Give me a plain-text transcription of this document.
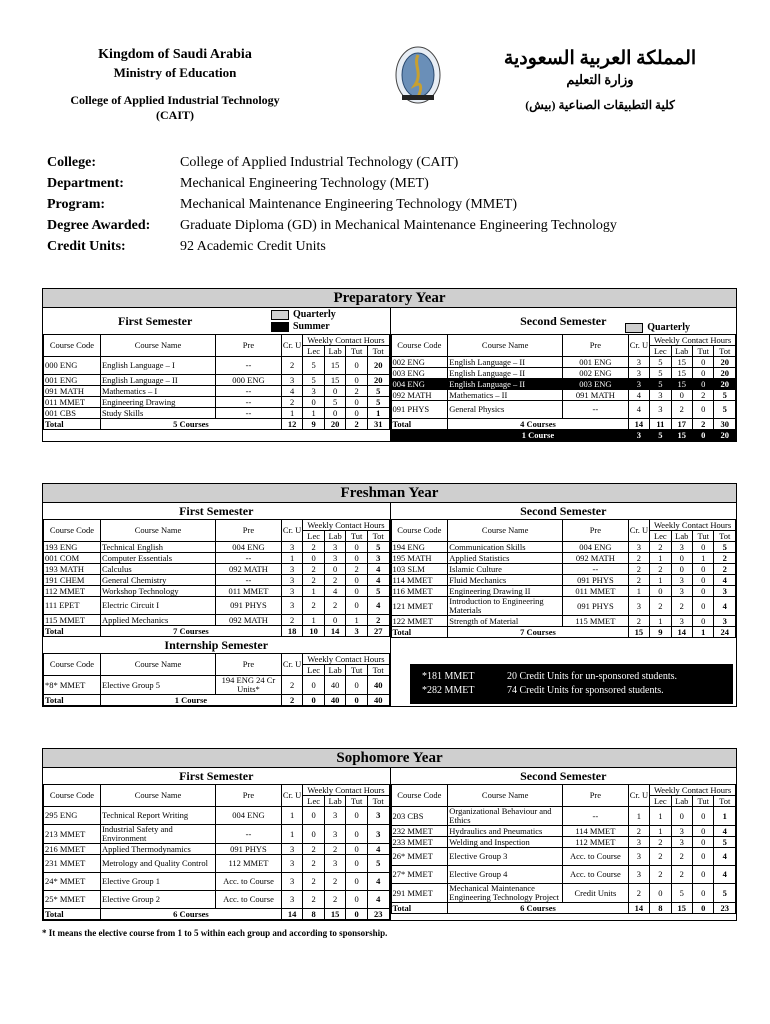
Kingdom of Saudi Arabia
Ministry of Education
College of Applied Industrial Technology
(CAIT)
المملكة العربية السعودية
وزارة التعليم
كلية التطبيقات الصناعية (بيش)
College:	College of Applied Industrial Technology (CAIT)
Department:	Mechanical Engineering Technology (MET)
Program:	Mechanical Maintenance Engineering Technology (MMET)
Degree Awarded:	Graduate Diploma (GD) in Mechanical Maintenance Engineering Technology
Credit Units:	92 Academic Credit Units
Preparatory Year
First Semester	Quarterly
Summer
Course Code	Course Name	Pre	Cr. U	Weekly Contact Hours			
				Lec	Lab	Tut	Tot
000 ENG	English Language – I	--	2	5	15	0	20
001 ENG	English Language – II	000 ENG	3	5	15	0	20
091 MATH	Mathematics – I	--	4	3	0	2	5
011 MMET	Engineering Drawing	--	2	0	5	0	5
001 CBS	Study Skills	--	1	1	0	0	1
Total	5 Courses		12	9	20	2	31
Second Semester	Quarterly
Course Code	Course Name	Pre	Cr. U	Weekly Contact Hours			
				Lec	Lab	Tut	Tot
002 ENG	English Language – II	001 ENG	3	5	15	0	20
003 ENG	English Language – II	002 ENG	3	5	15	0	20
004 ENG	English Language – II	003 ENG	3	5	15	0	20
092 MATH	Mathematics – II	091 MATH	4	3	0	2	5
091 PHYS	General Physics	--	4	3	2	0	5
Total	4 Courses		14	11	17	2	30
	1 Course		3	5	15	0	20
Freshman Year
First Semester
Course Code	Course Name	Pre	Cr. U	Weekly Contact Hours			
				Lec	Lab	Tut	Tot
193 ENG	Technical English	004 ENG	3	2	3	0	5
001 COM	Computer Essentials	--	1	0	3	0	3
193 MATH	Calculus	092 MATH	3	2	0	2	4
191 CHEM	General Chemistry	--	3	2	2	0	4
112 MMET	Workshop Technology	011 MMET	3	1	4	0	5
111 EPET	Electric Circuit I	091 PHYS	3	2	2	0	4
115 MMET	Applied Mechanics	092 MATH	2	1	0	1	2
Total	7 Courses		18	10	14	3	27
Internship Semester
Course Code	Course Name	Pre	Cr. U	Weekly Contact Hours			
				Lec	Lab	Tut	Tot
*8* MMET	Elective Group 5	194 ENG 24 Cr Units*	2	0	40	0	40
Total	1 Course		2	0	40	0	40
Second Semester
Course Code	Course Name	Pre	Cr. U	Weekly Contact Hours			
				Lec	Lab	Tut	Tot
194 ENG	Communication Skills	004 ENG	3	2	3	0	5
195 MATH	Applied Statistics	092 MATH	2	1	0	1	2
103 SLM	Islamic Culture	--	2	2	0	0	2
114 MMET	Fluid Mechanics	091 PHYS	2	1	3	0	4
116 MMET	Engineering Drawing II	011 MMET	1	0	3	0	3
121 MMET	Introduction to Engineering Materials	091 PHYS	3	2	2	0	4
122 MMET	Strength of Material	115 MMET	2	1	3	0	3
Total	7 Courses		15	9	14	1	24
*181 MMET	20 Credit Units for un-sponsored students.
*282 MMET	74 Credit Units for sponsored students.
Sophomore Year
First Semester
Course Code	Course Name	Pre	Cr. U	Weekly Contact Hours			
				Lec	Lab	Tut	Tot
295 ENG	Technical Report Writing	004 ENG	1	0	3	0	3
213 MMET	Industrial Safety and Environment	--	1	0	3	0	3
216 MMET	Applied Thermodynamics	091 PHYS	3	2	2	0	4
231 MMET	Metrology and Quality Control	112 MMET	3	2	3	0	5
24* MMET	Elective Group 1	Acc. to Course	3	2	2	0	4
25* MMET	Elective Group 2	Acc. to Course	3	2	2	0	4
Total	6 Courses		14	8	15	0	23
Second Semester
Course Code	Course Name	Pre	Cr. U	Weekly Contact Hours			
				Lec	Lab	Tut	Tot
203 CBS	Organizational Behaviour and Ethics	--	1	1	0	0	1
232 MMET	Hydraulics and Pneumatics	114 MMET	2	1	3	0	4
233 MMET	Welding and Inspection	112 MMET	3	2	3	0	5
26* MMET	Elective Group 3	Acc. to Course	3	2	2	0	4
27* MMET	Elective Group 4	Acc. to Course	3	2	2	0	4
291 MMET	Mechanical Maintenance Engineering Technology Project	Credit Units	2	0	5	0	5
Total	6 Courses		14	8	15	0	23
* It means the elective course from 1 to 5 within each group and according to sponsorship.
